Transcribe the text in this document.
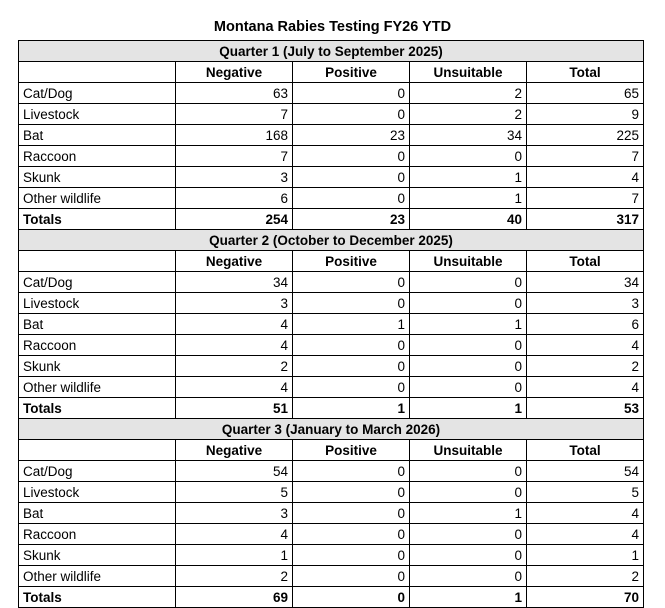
Montana Rabies Testing FY26 YTD
Quarter 1 (July to September 2025)				
	Negative	Positive	Unsuitable	Total
Cat/Dog	63	0	2	65
Livestock	7	0	2	9
Bat	168	23	34	225
Raccoon	7	0	0	7
Skunk	3	0	1	4
Other wildlife	6	0	1	7
Totals	254	23	40	317
Quarter 2 (October to December 2025)				
	Negative	Positive	Unsuitable	Total
Cat/Dog	34	0	0	34
Livestock	3	0	0	3
Bat	4	1	1	6
Raccoon	4	0	0	4
Skunk	2	0	0	2
Other wildlife	4	0	0	4
Totals	51	1	1	53
Quarter 3 (January to March 2026)				
	Negative	Positive	Unsuitable	Total
Cat/Dog	54	0	0	54
Livestock	5	0	0	5
Bat	3	0	1	4
Raccoon	4	0	0	4
Skunk	1	0	0	1
Other wildlife	2	0	0	2
Totals	69	0	1	70
